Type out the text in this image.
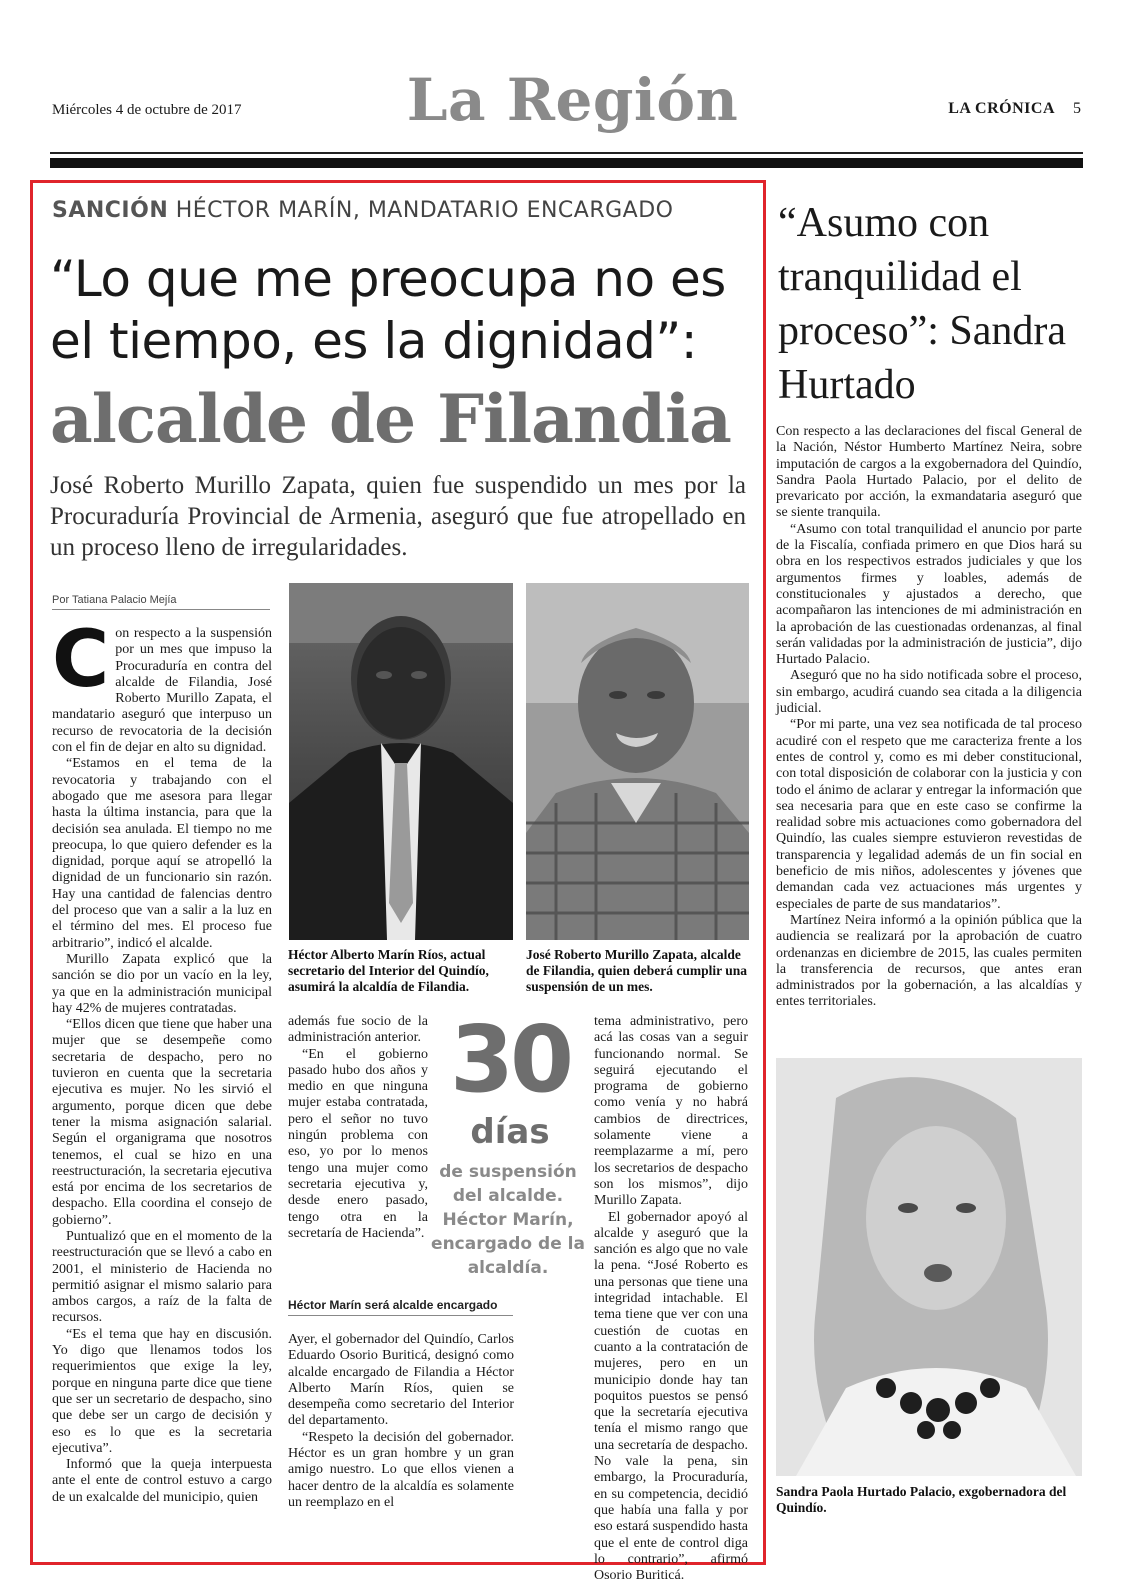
Miércoles 4 de octubre de 2017	La Región	LA CRÓNICA 5
SANCIÓN HÉCTOR MARÍN, MANDATARIO ENCARGADO
“Lo que me preocupa no es el tiempo, es la dignidad”:
alcalde de Filandia
José Roberto Murillo Zapata, quien fue suspendido un mes por la Procuraduría Provincial de Armenia, aseguró que fue atropellado en un proceso lleno de irregularidades.
Por Tatiana Palacio Mejía

Con respecto a la suspensión por un mes que impuso la Procuraduría en contra del alcalde de Filandia, José Roberto Murillo Zapata, el mandatario aseguró que interpuso un recurso de revocatoria de la decisión con el fin de dejar en alto su dignidad.

“Estamos en el tema de la revocatoria y trabajando con el abogado que me asesora para llegar hasta la última instancia, para que la decisión sea anulada. El tiempo no me preocupa, lo que quiero defender es la dignidad, porque aquí se atropelló la dignidad de un funcionario sin razón. Hay una cantidad de falencias dentro del proceso que van a salir a la luz en el término del mes. El proceso fue arbitrario”, indicó el alcalde.

Murillo Zapata explicó que la sanción se dio por un vacío en la ley, ya que en la administración municipal hay 42% de mujeres contratadas.

“Ellos dicen que tiene que haber una mujer que se desempeñe como secretaria de despacho, pero no tuvieron en cuenta que la secretaria ejecutiva es mujer. No les sirvió el argumento, porque dicen que debe tener la misma asignación salarial. Según el organigrama que nosotros tenemos, el cual se hizo en una reestructuración, la secretaria ejecutiva está por encima de los secretarios de despacho. Ella coordina el consejo de gobierno”.

Puntualizó que en el momento de la reestructuración que se llevó a cabo en 2001, el ministerio de Hacienda no permitió asignar el mismo salario para ambos cargos, a raíz de la falta de recursos.

“Es el tema que hay en discusión. Yo digo que llenamos todos los requerimientos que exige la ley, porque en ninguna parte dice que tiene que ser un secretario de despacho, sino que debe ser un cargo de decisión y eso es lo que es la secretaria ejecutiva”.

Informó que la queja interpuesta ante el ente de control estuvo a cargo de un exalcalde del municipio, quien

Héctor Alberto Marín Ríos, actual secretario del Interior del Quindío, asumirá la alcaldía de Filandia.
José Roberto Murillo Zapata, alcalde de Filandia, quien deberá cumplir una suspensión de un mes.

además fue socio de la administración anterior.

“En el gobierno pasado hubo dos años y medio en que ninguna mujer estaba contratada, pero el señor no tuvo ningún problema con eso, yo por lo menos tengo una mujer como secretaria ejecutiva y, desde enero pasado, tengo otra en la secretaría de Hacienda”.

30
días
de suspensión del alcalde. Héctor Marín, encargado de la alcaldía.
Héctor Marín será alcalde encargado

Ayer, el gobernador del Quindío, Carlos Eduardo Osorio Buriticá, designó como alcalde encargado de Filandia a Héctor Alberto Marín Ríos, quien se desempeña como secretario del Interior del departamento.

“Respeto la decisión del gobernador. Héctor es un gran hombre y un gran amigo nuestro. Lo que ellos vienen a hacer dentro de la alcaldía es solamente un reemplazo en el

tema administrativo, pero acá las cosas van a seguir funcionando normal. Se seguirá ejecutando el programa de gobierno como venía y no habrá cambios de directrices, solamente viene a reemplazarme a mí, pero los secretarios de despacho son los mismos”, dijo Murillo Zapata.

El gobernador apoyó al alcalde y aseguró que la sanción es algo que no vale la pena. “José Roberto es una personas que tiene una integridad intachable. El tema tiene que ver con una cuestión de cuotas en cuanto a la contratación de mujeres, pero en un municipio donde hay tan poquitos puestos se pensó que la secretaría ejecutiva tenía el mismo rango que una secretaría de despacho. No vale la pena, sin embargo, la Procuraduría, en su competencia, decidió que había una falla y por eso estará suspendido hasta que el ente de control diga lo contrario”, afirmó Osorio Buriticá.

“Asumo con tranquilidad el proceso”: Sandra Hurtado

Con respecto a las declaraciones del fiscal General de la Nación, Néstor Humberto Martínez Neira, sobre imputación de cargos a la exgobernadora del Quindío, Sandra Paola Hurtado Palacio, por el delito de prevaricato por acción, la exmandataria aseguró que se siente tranquila.

“Asumo con total tranquilidad el anuncio por parte de la Fiscalía, confiada primero en que Dios hará su obra en los respectivos estrados judiciales y que los argumentos firmes y loables, además de constitucionales y ajustados a derecho, que acompañaron las intenciones de mi administración en la aprobación de las cuestionadas ordenanzas, al final serán validadas por la administración de justicia”, dijo Hurtado Palacio.

Aseguró que no ha sido notificada sobre el proceso, sin embargo, acudirá cuando sea citada a la diligencia judicial.

“Por mi parte, una vez sea notificada de tal proceso acudiré con el respeto que me caracteriza frente a los entes de control y, como es mi deber constitucional, con total disposición de colaborar con la justicia y con todo el ánimo de aclarar y entregar la información que sea necesaria para que en este caso se confirme la realidad sobre mis actuaciones como gobernadora del Quindío, las cuales siempre estuvieron revestidas de transparencia y legalidad además de un fin social en beneficio de mis niños, adolescentes y jóvenes que demandan cada vez actuaciones más urgentes y especiales de parte de sus mandatarios”.

Martínez Neira informó a la opinión pública que la audiencia se realizará por la aprobación de cuatro ordenanzas en diciembre de 2015, las cuales permiten la transferencia de recursos, que antes eran administrados por la gobernación, a las alcaldías y entes territoriales.

Sandra Paola Hurtado Palacio, exgobernadora del Quindío.
